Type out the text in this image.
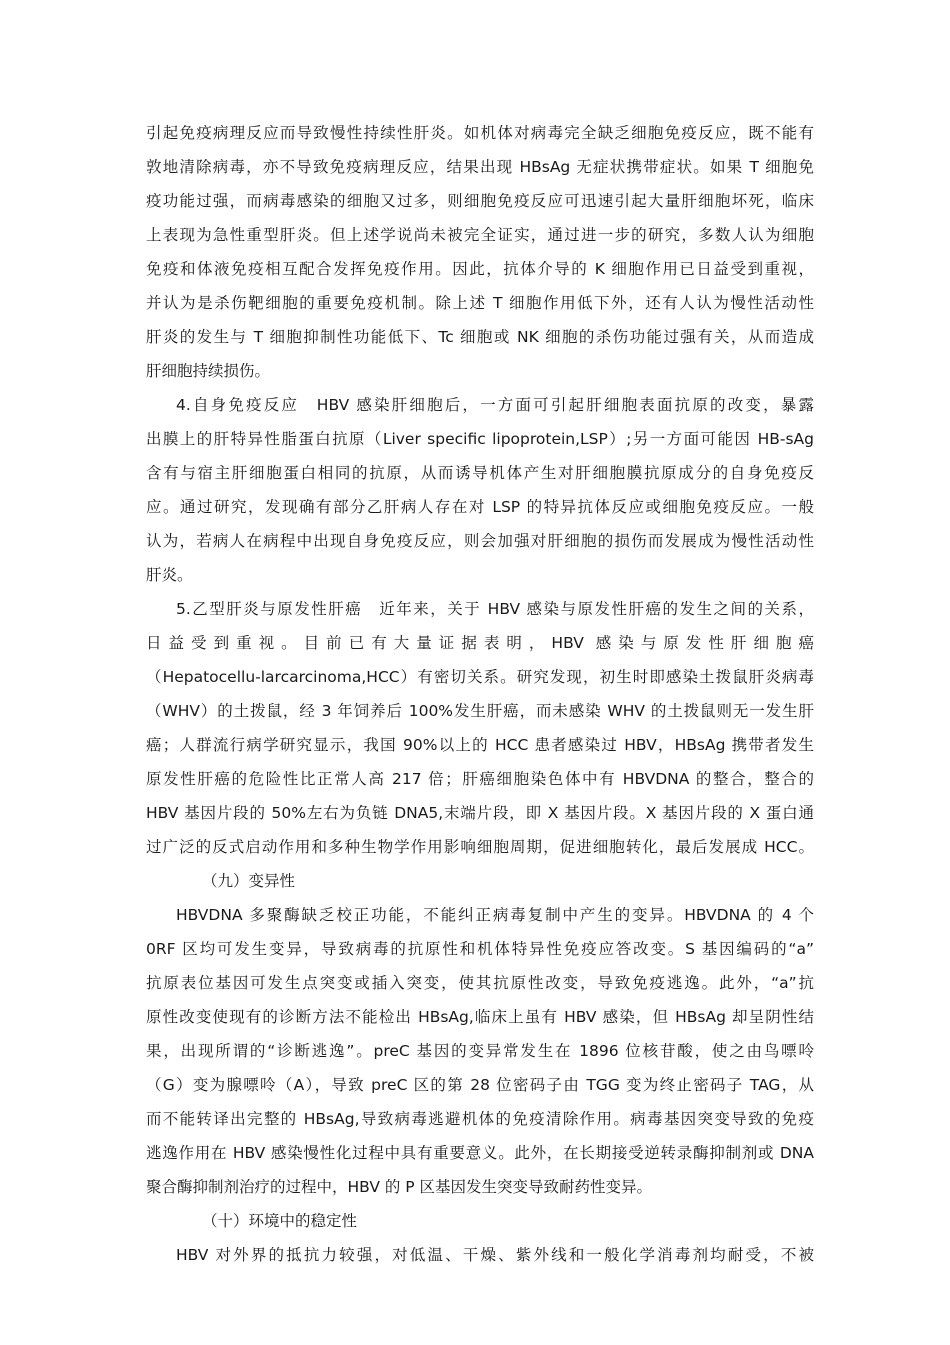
引起免疫病理反应而导致慢性持续性肝炎。如机体对病毒完全缺乏细胞免疫反应，既不能有
敦地清除病毒，亦不导致免疫病理反应，结果出现 HBsAg 无症状携带症状。如果 T 细胞免
疫功能过强，而病毒感染的细胞又过多，则细胞免疫反应可迅速引起大量肝细胞坏死，临床
上表现为急性重型肝炎。但上述学说尚未被完全证实，通过进一步的研究，多数人认为细胞
免疫和体液免疫相互配合发挥免疫作用。因此，抗体介导的 K 细胞作用已日益受到重视，
并认为是杀伤靶细胞的重要免疫机制。除上述 T 细胞作用低下外，还有人认为慢性活动性
肝炎的发生与 T 细胞抑制性功能低下、Tc 细胞或 NK 细胞的杀伤功能过强有关，从而造成
肝细胞持续损伤。
4.自身免疫反应　HBV 感染肝细胞后，一方面可引起肝细胞表面抗原的改变，暴露
出膜上的肝特异性脂蛋白抗原（Liver specific lipoprotein,LSP）;另一方面可能因 HB-sAg
含有与宿主肝细胞蛋白相同的抗原，从而诱导机体产生对肝细胞膜抗原成分的自身免疫反
应。通过研究，发现确有部分乙肝病人存在对 LSP 的特异抗体反应或细胞免疫反应。一般
认为，若病人在病程中出现自身免疫反应，则会加强对肝细胞的损伤而发展成为慢性活动性
肝炎。
5.乙型肝炎与原发性肝癌　近年来，关于 HBV 感染与原发性肝癌的发生之间的关系，
日益受到重视。目前已有大量证据表明，HBV 感染与原发性肝细胞癌
（Hepatocellu-larcarcinoma,HCC）有密切关系。研究发现，初生时即感染土拨鼠肝炎病毒
（WHV）的土拨鼠，经 3 年饲养后 100%发生肝癌，而未感染 WHV 的土拨鼠则无一发生肝
癌；人群流行病学研究显示，我国 90%以上的 HCC 患者感染过 HBV，HBsAg 携带者发生
原发性肝癌的危险性比正常人高 217 倍；肝癌细胞染色体中有 HBVDNA 的整合，整合的
HBV 基因片段的 50%左右为负链 DNA5,末端片段，即 X 基因片段。X 基因片段的 X 蛋白通
过广泛的反式启动作用和多种生物学作用影响细胞周期，促进细胞转化，最后发展成 HCC。
（九）变异性
HBVDNA 多聚酶缺乏校正功能，不能纠正病毒复制中产生的变异。HBVDNA 的 4 个
0RF 区均可发生变异，导致病毒的抗原性和机体特异性免疫应答改变。S 基因编码的“a”
抗原表位基因可发生点突变或插入突变，使其抗原性改变，导致免疫逃逸。此外，“a”抗
原性改变使现有的诊断方法不能检出 HBsAg,临床上虽有 HBV 感染，但 HBsAg 却呈阴性结
果，出现所谓的“诊断逃逸”。preC 基因的变异常发生在 1896 位核苷酸，使之由鸟嘌呤
（G）变为腺嘌呤（A），导致 preC 区的第 28 位密码子由 TGG 变为终止密码子 TAG，从
而不能转译出完整的 HBsAg,导致病毒逃避机体的免疫清除作用。病毒基因突变导致的免疫
逃逸作用在 HBV 感染慢性化过程中具有重要意义。此外，在长期接受逆转录酶抑制剂或 DNA
聚合酶抑制剂治疗的过程中，HBV 的 P 区基因发生突变导致耐药性变异。
（十）环境中的稳定性
HBV 对外界的抵抗力较强，对低温、干燥、紫外线和一般化学消毒剂均耐受，不被
